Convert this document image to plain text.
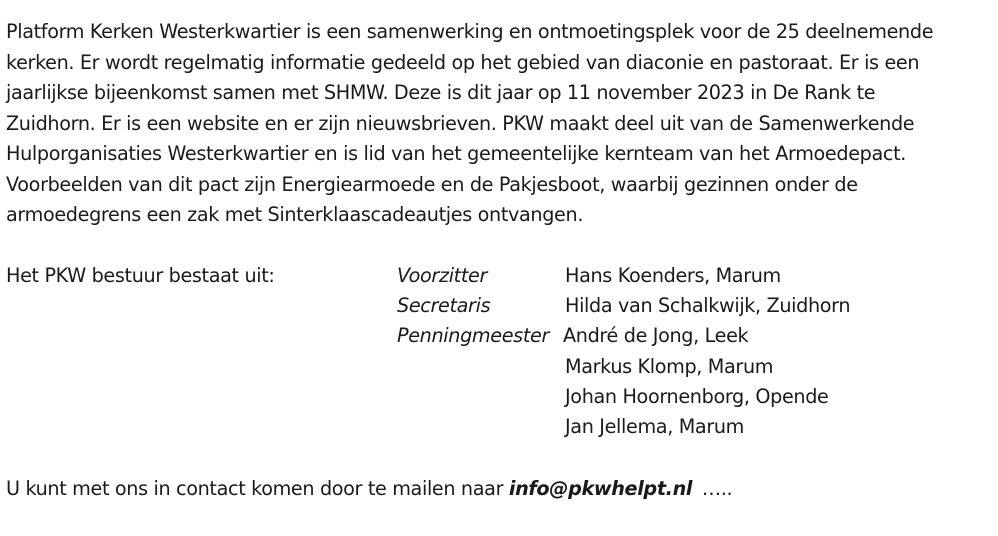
Platform Kerken Westerkwartier is een samenwerking en ontmoetingsplek voor de 25 deelnemende
kerken. Er wordt regelmatig informatie gedeeld op het gebied van diaconie en pastoraat. Er is een
jaarlijkse bijeenkomst samen met SHMW. Deze is dit jaar op 11 november 2023 in De Rank te
Zuidhorn. Er is een website en er zijn nieuwsbrieven. PKW maakt deel uit van de Samenwerkende
Hulporganisaties Westerkwartier en is lid van het gemeentelijke kernteam van het Armoedepact.
Voorbeelden van dit pact zijn Energiearmoede en de Pakjesboot, waarbij gezinnen onder de
armoedegrens een zak met Sinterklaascadeautjes ontvangen.
Het PKW bestuur bestaat uit:	Voorzitter	Hans Koenders, Marum
Secretaris	Hilda van Schalkwijk, Zuidhorn
Penningmeester André de Jong, Leek
Markus Klomp, Marum
Johan Hoornenborg, Opende
Jan Jellema, Marum
U kunt met ons in contact komen door te mailen naar info@pkwhelpt.nl …..
